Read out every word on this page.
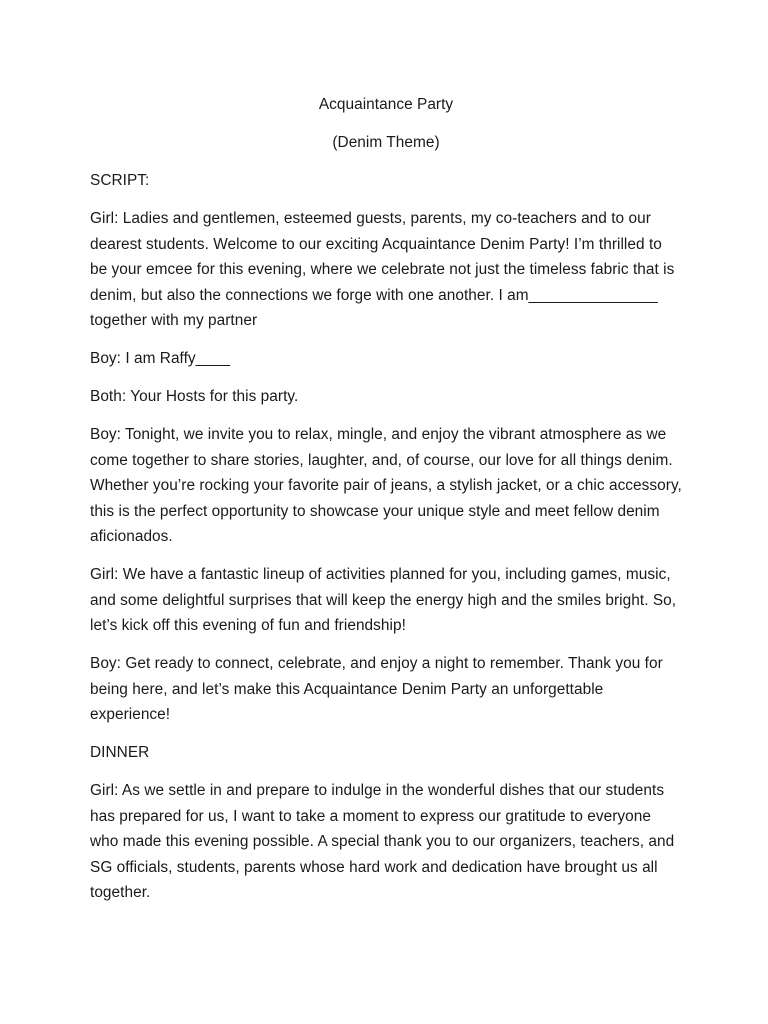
Acquaintance Party

(Denim Theme)

SCRIPT:

Girl: Ladies and gentlemen, esteemed guests, parents, my co-teachers and to our dearest students. Welcome to our exciting Acquaintance Denim Party! I’m thrilled to be your emcee for this evening, where we celebrate not just the timeless fabric that is denim, but also the connections we forge with one another. I am_______________ together with my partner

Boy: I am Raffy____

Both: Your Hosts for this party.

Boy: Tonight, we invite you to relax, mingle, and enjoy the vibrant atmosphere as we come together to share stories, laughter, and, of course, our love for all things denim. Whether you’re rocking your favorite pair of jeans, a stylish jacket, or a chic accessory, this is the perfect opportunity to showcase your unique style and meet fellow denim aficionados.

Girl: We have a fantastic lineup of activities planned for you, including games, music, and some delightful surprises that will keep the energy high and the smiles bright. So, let’s kick off this evening of fun and friendship!

Boy: Get ready to connect, celebrate, and enjoy a night to remember. Thank you for being here, and let’s make this Acquaintance Denim Party an unforgettable experience!

DINNER

Girl: As we settle in and prepare to indulge in the wonderful dishes that our students has prepared for us, I want to take a moment to express our gratitude to everyone who made this evening possible. A special thank you to our organizers, teachers, and SG officials, students, parents whose hard work and dedication have brought us all together.
